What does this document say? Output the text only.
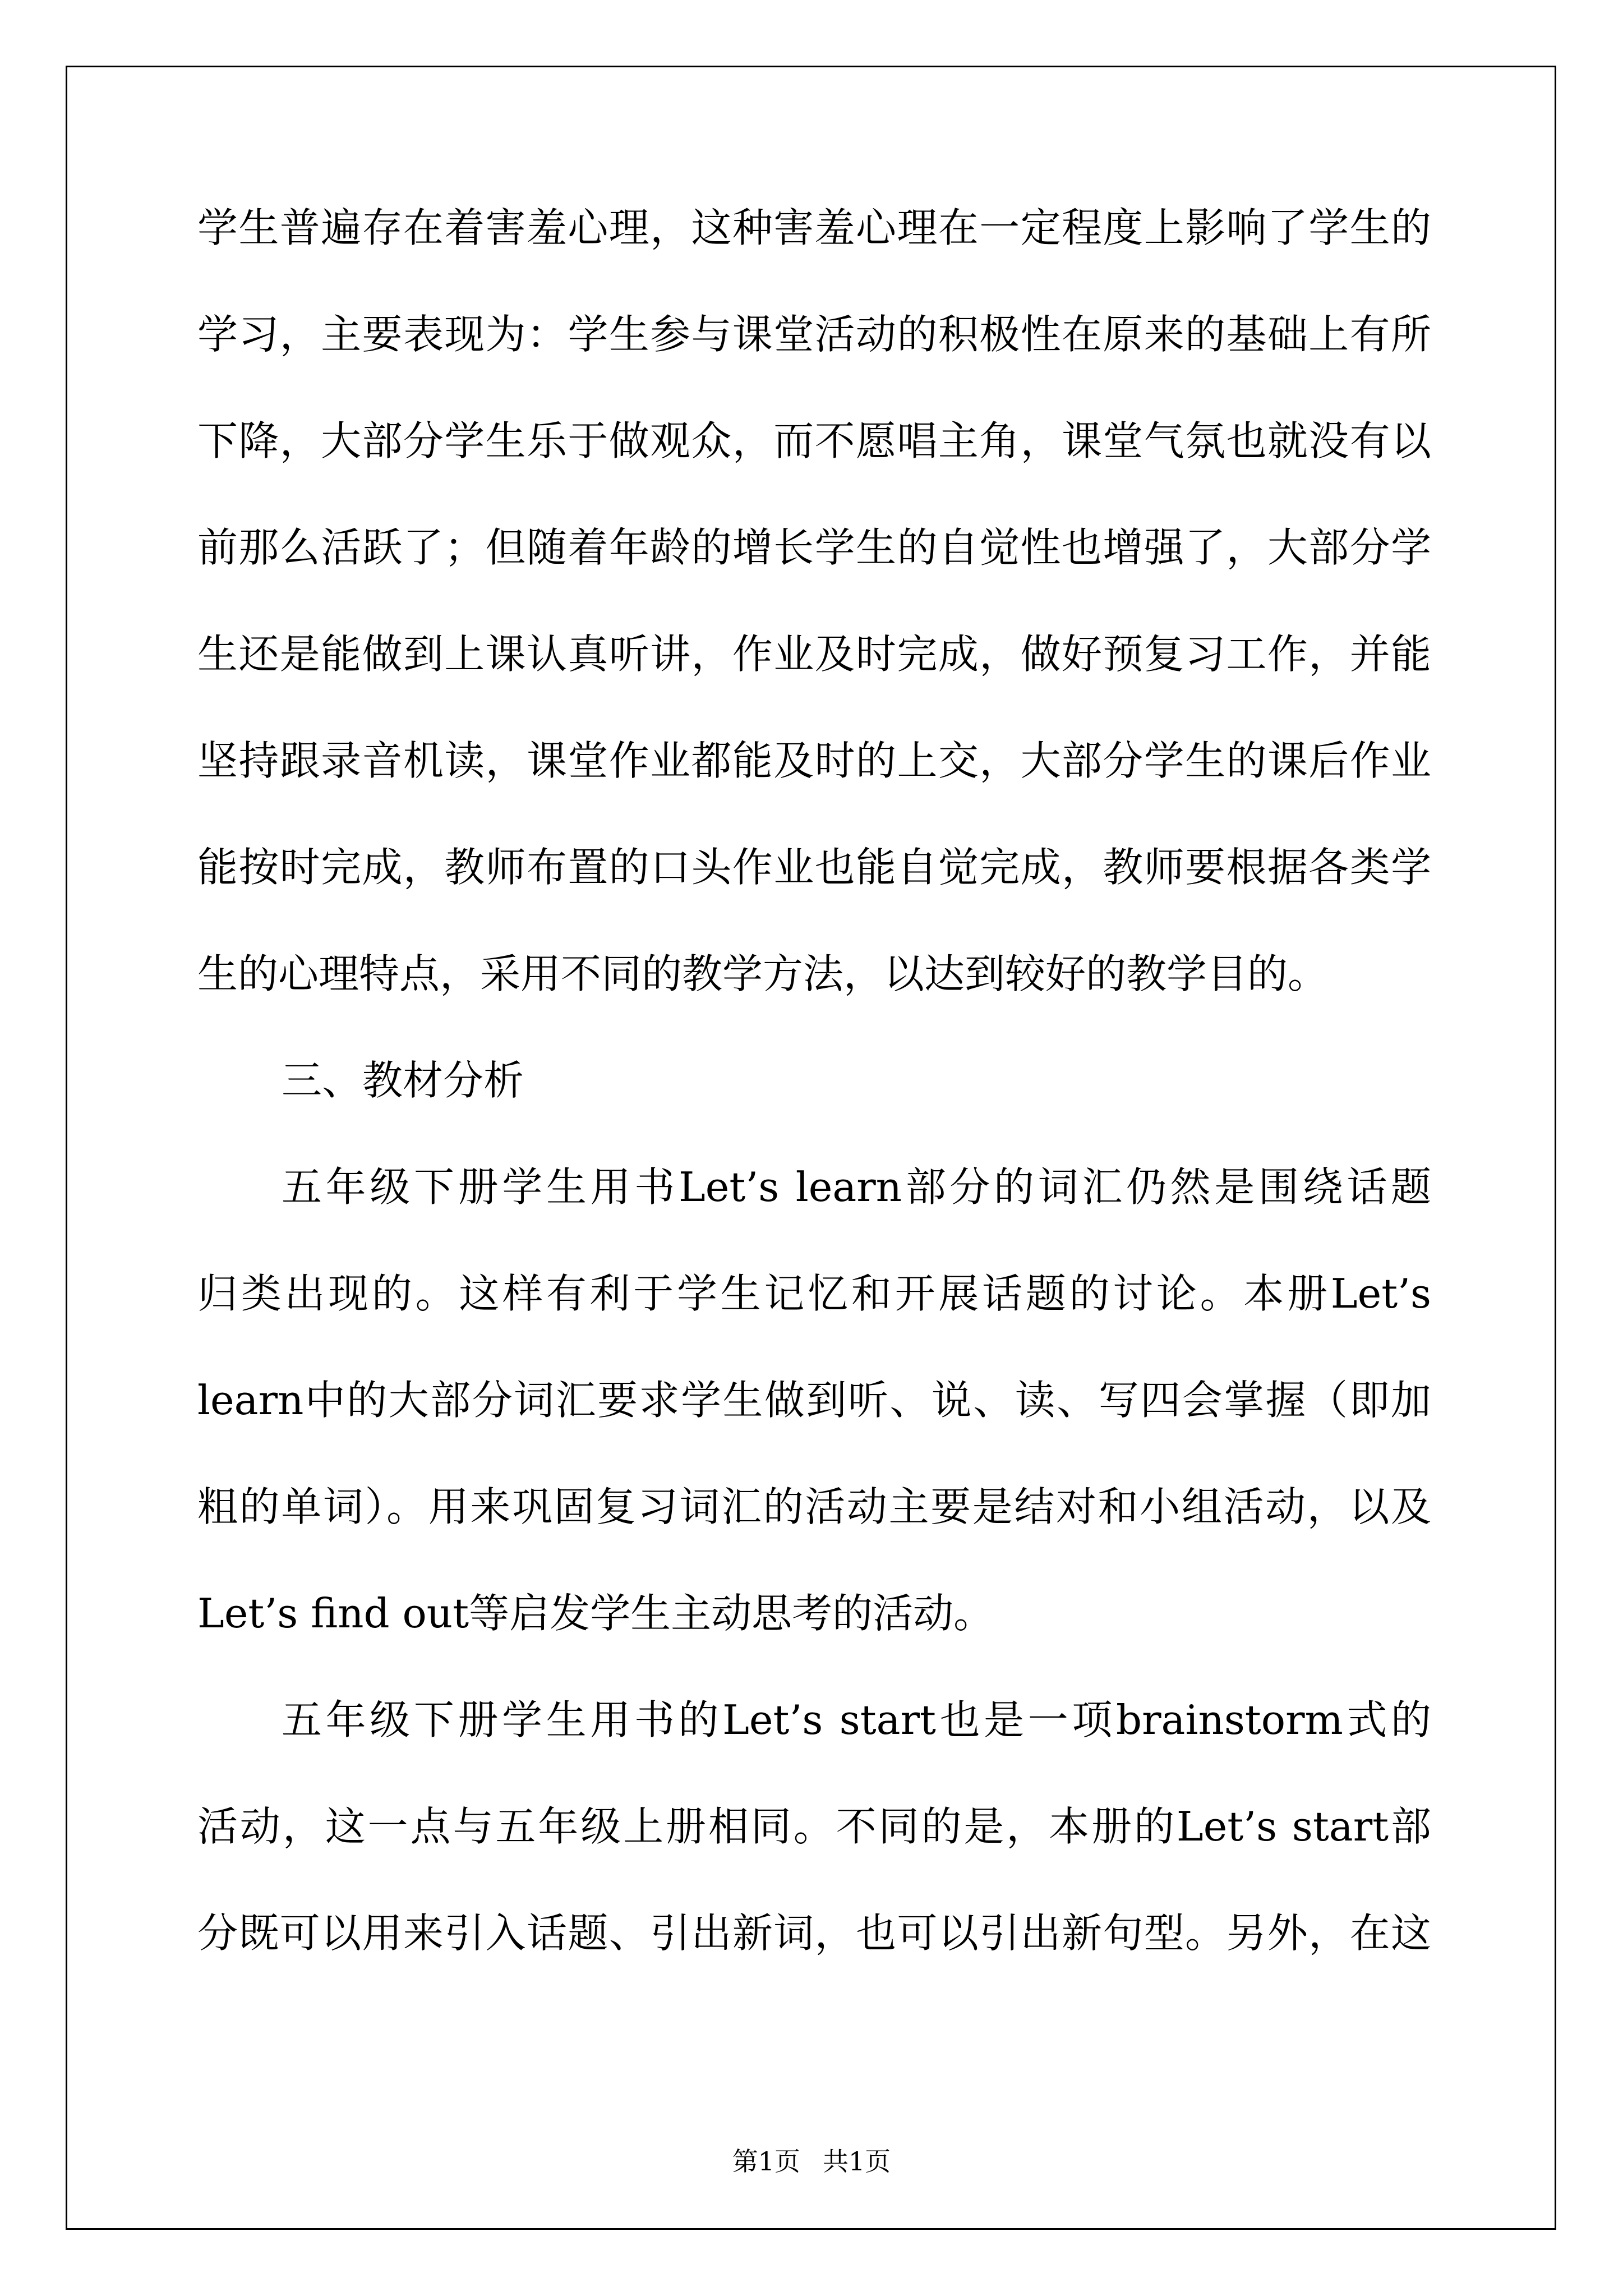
学生普遍存在着害羞心理，这种害羞心理在一定程度上影响了学生的
学习，主要表现为：学生参与课堂活动的积极性在原来的基础上有所
下降，大部分学生乐于做观众，而不愿唱主角，课堂气氛也就没有以
前那么活跃了；但随着年龄的增长学生的自觉性也增强了，大部分学
生还是能做到上课认真听讲，作业及时完成，做好预复习工作，并能
坚持跟录音机读，课堂作业都能及时的上交，大部分学生的课后作业
能按时完成，教师布置的口头作业也能自觉完成，教师要根据各类学
生的心理特点，采用不同的教学方法，以达到较好的教学目的。
三、教材分析
五年级下册学生用书Let’s learn部分的词汇仍然是围绕话题
归类出现的。这样有利于学生记忆和开展话题的讨论。本册Let’s
learn中的大部分词汇要求学生做到听、说、读、写四会掌握（即加
粗的单词）。用来巩固复习词汇的活动主要是结对和小组活动，以及
Let’s find out等启发学生主动思考的活动。
五年级下册学生用书的Let’s start也是一项brainstorm式的
活动，这一点与五年级上册相同。不同的是，本册的Let’s start部
分既可以用来引入话题、引出新词，也可以引出新句型。另外，在这
第1页 共1页
